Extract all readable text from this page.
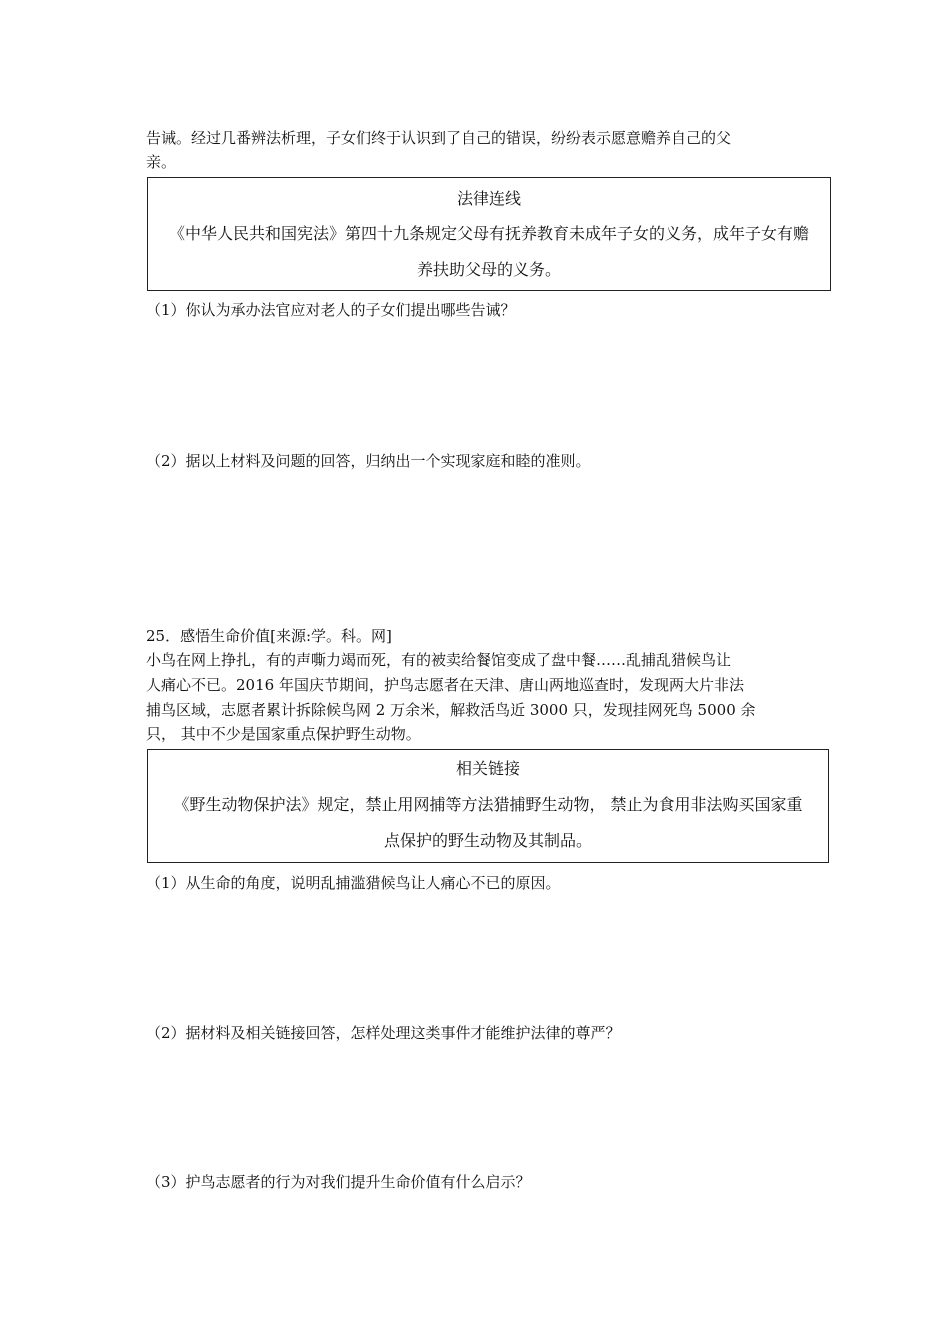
告诫。经过几番辨法析理，子女们终于认识到了自己的错误，纷纷表示愿意赡养自己的父
亲。
法律连线
《中华人民共和国宪法》第四十九条规定父母有抚养教育未成年子女的义务，成年子女有赡
养扶助父母的义务。
（1）你认为承办法官应对老人的子女们提出哪些告诫？
（2）据以上材料及问题的回答，归纳出一个实现家庭和睦的准则。
25．感悟生命价值[来源:学。科。网]
小鸟在网上挣扎，有的声嘶力竭而死，有的被卖给餐馆变成了盘中餐……乱捕乱猎候鸟让
人痛心不已。2016 年国庆节期间，护鸟志愿者在天津、唐山两地巡查时，发现两大片非法
捕鸟区域，志愿者累计拆除候鸟网 2 万余米，解救活鸟近 3000 只，发现挂网死鸟 5000 余
只， 其中不少是国家重点保护野生动物。
相关链接
《野生动物保护法》规定，禁止用网捕等方法猎捕野生动物， 禁止为食用非法购买国家重
点保护的野生动物及其制品。
（1）从生命的角度，说明乱捕滥猎候鸟让人痛心不已的原因。
（2）据材料及相关链接回答，怎样处理这类事件才能维护法律的尊严？
（3）护鸟志愿者的行为对我们提升生命价值有什么启示？
